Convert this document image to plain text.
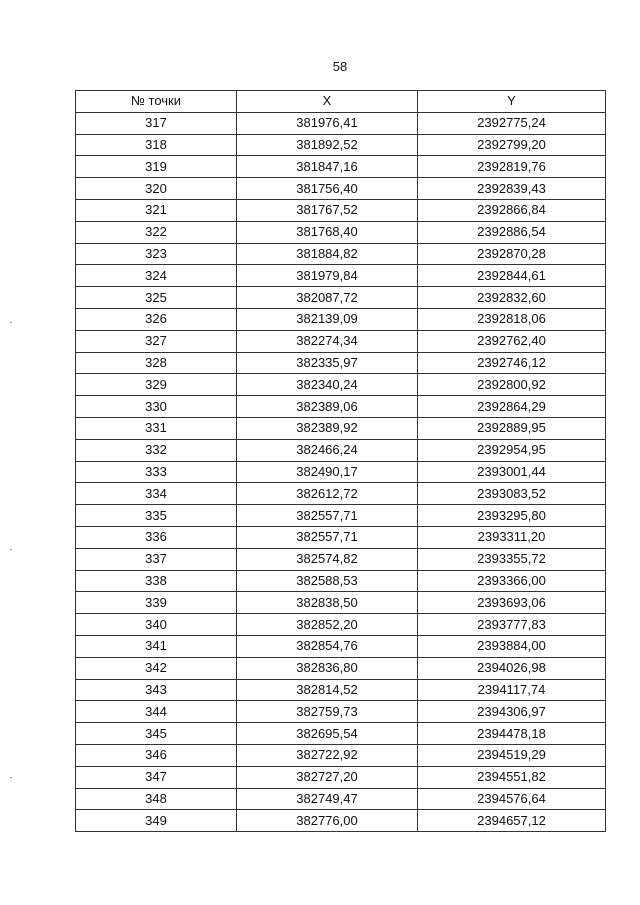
58
№ точки	X	Y
317	381976,41	2392775,24
318	381892,52	2392799,20
319	381847,16	2392819,76
320	381756,40	2392839,43
321	381767,52	2392866,84
322	381768,40	2392886,54
323	381884,82	2392870,28
324	381979,84	2392844,61
325	382087,72	2392832,60
326	382139,09	2392818,06
327	382274,34	2392762,40
328	382335,97	2392746,12
329	382340,24	2392800,92
330	382389,06	2392864,29
331	382389,92	2392889,95
332	382466,24	2392954,95
333	382490,17	2393001,44
334	382612,72	2393083,52
335	382557,71	2393295,80
336	382557,71	2393311,20
337	382574,82	2393355,72
338	382588,53	2393366,00
339	382838,50	2393693,06
340	382852,20	2393777,83
341	382854,76	2393884,00
342	382836,80	2394026,98
343	382814,52	2394117,74
344	382759,73	2394306,97
345	382695,54	2394478,18
346	382722,92	2394519,29
347	382727,20	2394551,82
348	382749,47	2394576,64
349	382776,00	2394657,12
